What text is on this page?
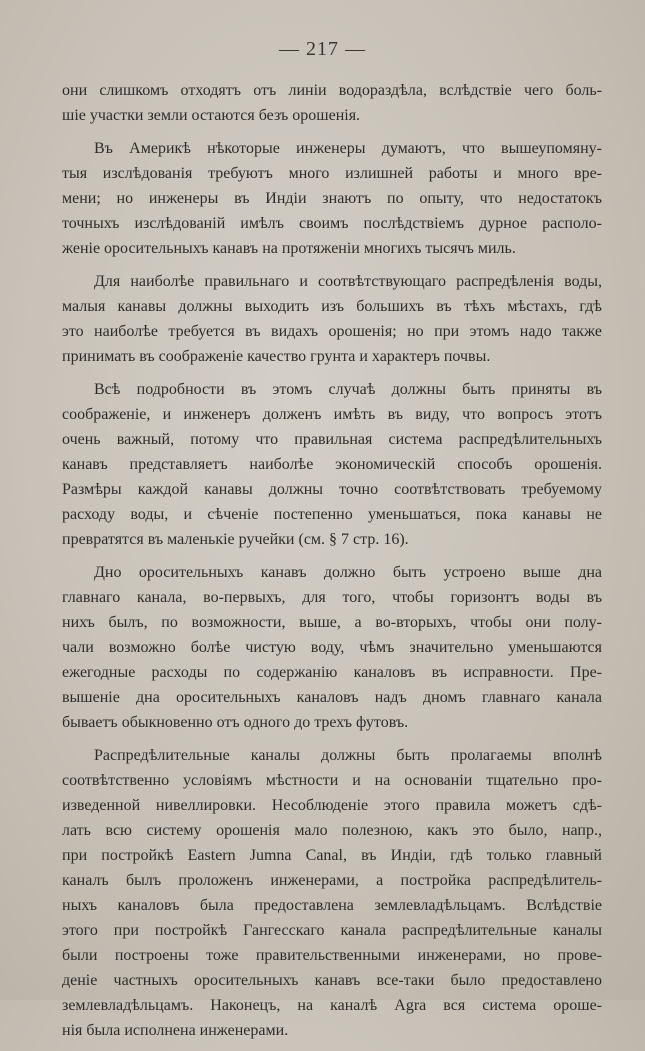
— 217 —
они слишкомъ отходятъ отъ линіи водораздѣла, вслѣдствіе чего боль-
шіе участки земли остаются безъ орошенія.
Въ Америкѣ нѣкоторые инженеры думаютъ, что вышеупомяну-
тыя изслѣдованія требуютъ много излишней работы и много вре-
мени; но инженеры въ Индіи знаютъ по опыту, что недостатокъ
точныхъ изслѣдованій имѣлъ своимъ послѣдствіемъ дурное располо-
женіе оросительныхъ канавъ на протяженіи многихъ тысячъ миль.
Для наиболѣе правильнаго и соотвѣтствующаго распредѣленія воды,
малыя канавы должны выходить изъ большихъ въ тѣхъ мѣстахъ, гдѣ
это наиболѣе требуется въ видахъ орошенія; но при этомъ надо также
принимать въ соображеніе качество грунта и характеръ почвы.
Всѣ подробности въ этомъ случаѣ должны быть приняты въ
соображеніе, и инженеръ долженъ имѣть въ виду, что вопросъ этотъ
очень важный, потому что правильная система распредѣлительныхъ
канавъ представляетъ наиболѣе экономическій способъ орошенія.
Размѣры каждой канавы должны точно соотвѣтствовать требуемому
расходу воды, и сѣченіе постепенно уменьшаться, пока канавы не
превратятся въ маленькіе ручейки (см. § 7 стр. 16).
Дно оросительныхъ канавъ должно быть устроено выше дна
главнаго канала, во-первыхъ, для того, чтобы горизонтъ воды въ
нихъ былъ, по возможности, выше, а во-вторыхъ, чтобы они полу-
чали возможно болѣе чистую воду, чѣмъ значительно уменьшаются
ежегодные расходы по содержанію каналовъ въ исправности. Пре-
вышеніе дна оросительныхъ каналовъ надъ дномъ главнаго канала
бываетъ обыкновенно отъ одного до трехъ футовъ.
Распредѣлительные каналы должны быть пролагаемы вполнѣ
соотвѣтственно условіямъ мѣстности и на основаніи тщательно про-
изведенной нивеллировки. Несоблюденіе этого правила можетъ сдѣ-
лать всю систему орошенія мало полезною, какъ это было, напр.,
при постройкѣ Eastern Jumna Canal, въ Индіи, гдѣ только главный
каналъ былъ проложенъ инженерами, а постройка распредѣлитель-
ныхъ каналовъ была предоставлена землевладѣльцамъ. Вслѣдствіе
этого при постройкѣ Гангесскаго канала распредѣлительные каналы
были построены тоже правительственными инженерами, но прове-
деніе частныхъ оросительныхъ канавъ все-таки было предоставлено
землевладѣльцамъ. Наконецъ, на каналѣ Agra вся система ороше-
нія была исполнена инженерами.
